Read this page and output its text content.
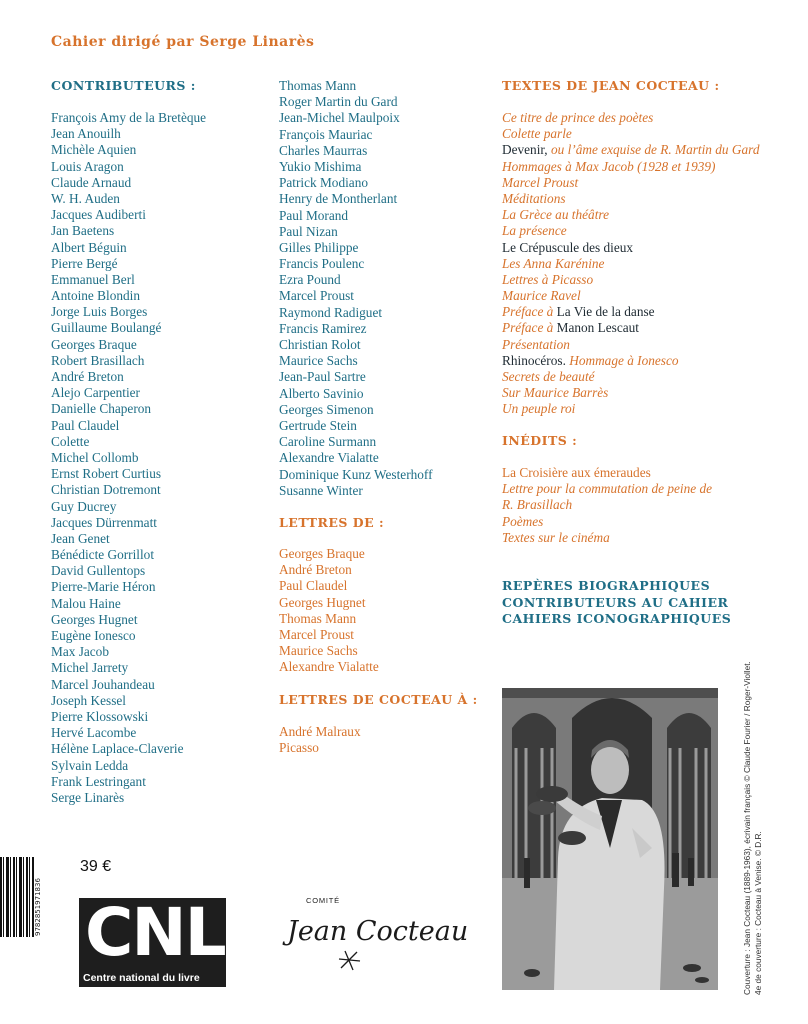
Cahier dirigé par Serge Linarès
CONTRIBUTEURS :
François Amy de la Bretèque
Jean Anouilh
Michèle Aquien
Louis Aragon
Claude Arnaud
W. H. Auden
Jacques Audiberti
Jan Baetens
Albert Béguin
Pierre Bergé
Emmanuel Berl
Antoine Blondin
Jorge Luis Borges
Guillaume Boulangé
Georges Braque
Robert Brasillach
André Breton
Alejo Carpentier
Danielle Chaperon
Paul Claudel
Colette
Michel Collomb
Ernst Robert Curtius
Christian Dotremont
Guy Ducrey
Jacques Dürrenmatt
Jean Genet
Bénédicte Gorrillot
David Gullentops
Pierre-Marie Héron
Malou Haine
Georges Hugnet
Eugène Ionesco
Max Jacob
Michel Jarrety
Marcel Jouhandeau
Joseph Kessel
Pierre Klossowski
Hervé Lacombe
Hélène Laplace-Claverie
Sylvain Ledda
Frank Lestringant
Serge Linarès
Thomas Mann
Roger Martin du Gard
Jean-Michel Maulpoix
François Mauriac
Charles Maurras
Yukio Mishima
Patrick Modiano
Henry de Montherlant
Paul Morand
Paul Nizan
Gilles Philippe
Francis Poulenc
Ezra Pound
Marcel Proust
Raymond Radiguet
Francis Ramirez
Christian Rolot
Maurice Sachs
Jean-Paul Sartre
Alberto Savinio
Georges Simenon
Gertrude Stein
Caroline Surmann
Alexandre Vialatte
Dominique Kunz Westerhoff
Susanne Winter
LETTRES DE :
Georges Braque
André Breton
Paul Claudel
Georges Hugnet
Thomas Mann
Marcel Proust
Maurice Sachs
Alexandre Vialatte
LETTRES DE COCTEAU À :
André Malraux
Picasso
TEXTES DE JEAN COCTEAU :
Ce titre de prince des poètes
Colette parle
Devenir, ou l’âme exquise de R. Martin du Gard
Hommages à Max Jacob (1928 et 1939)
Marcel Proust
Méditations
La Grèce au théâtre
La présence
Le Crépuscule des dieux
Les Anna Karénine
Lettres à Picasso
Maurice Ravel
Préface à La Vie de la danse
Préface à Manon Lescaut
Présentation
Rhinocéros. Hommage à Ionesco
Secrets de beauté
Sur Maurice Barrès
Un peuple roi
INÉDITS :
La Croisière aux émeraudes
Lettre pour la commutation de peine de
R. Brasillach
Poèmes
Textes sur le cinéma
REPÈRES BIOGRAPHIQUES
CONTRIBUTEURS AU CAHIER
CAHIERS ICONOGRAPHIQUES
9782851971836
39 €
CNL
Centre national du livre
COMITÉ
Jean Cocteau	Couverture : Jean Cocteau (1889-1963), écrivain français © Claude Fourier / Roger-Viollet. 4e de couverture : Cocteau à Venise. © D.R.
